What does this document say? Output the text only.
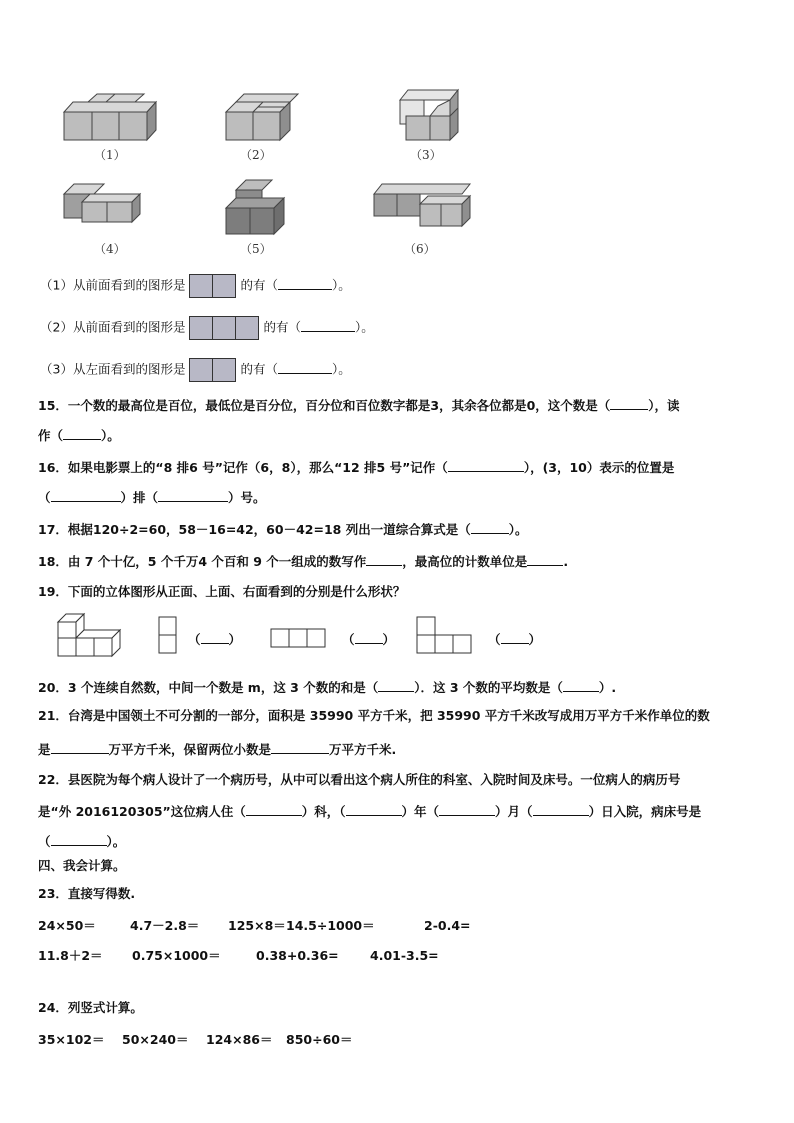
（1）	（2）	（3）
（4）	（5）	（6）
（1）从前面看到的图形是	的有（	）。
（2）从前面看到的图形是	的有（	）。
（3）从左面看到的图形是	的有（	）。
15．一个数的最高位是百位，最低位是百分位，百分位和百位数字都是3，其余各位都是0，这个数是（	），读
作（	）。
16．如果电影票上的“8 排6 号”记作（6，8），那么“12 排5 号”记作（	），(3，10）表示的位置是
（	）排（	）号。
17．根据120÷2=60，58－16=42，60－42=18 列出一道综合算式是（	）。
18．由 7 个十亿，5 个千万4 个百和 9 个一组成的数写作	，最高位的计数单位是	.
19．下面的立体图形从正面、上面、右面看到的分别是什么形状？
（ ）	（ ）	（ ）
20．3 个连续自然数，中间一个数是 m，这 3 个数的和是（	）．这 3 个数的平均数是（	）.
21．台湾是中国领土不可分割的一部分，面积是 35990 平方千米，把 35990 平方千米改写成用万平方千米作单位的数
是	万平方千米，保留两位小数是	万平方千米.
22．县医院为每个病人设计了一个病历号，从中可以看出这个病人所住的科室、入院时间及床号。一位病人的病历号
是“外 2016120305”这位病人住（	）科，（	）年（	）月（	）日入院，病床号是
（	）。
四、我会计算。
23．直接写得数.
24×50＝	4.7－2.8＝ 125×8＝ 14.5÷1000＝	2-0.4=
11.8＋2＝ 0.75×1000＝	0.38+0.36=	4.01-3.5=
24．列竖式计算。
35×102＝ 50×240＝ 124×86＝ 850÷60＝
